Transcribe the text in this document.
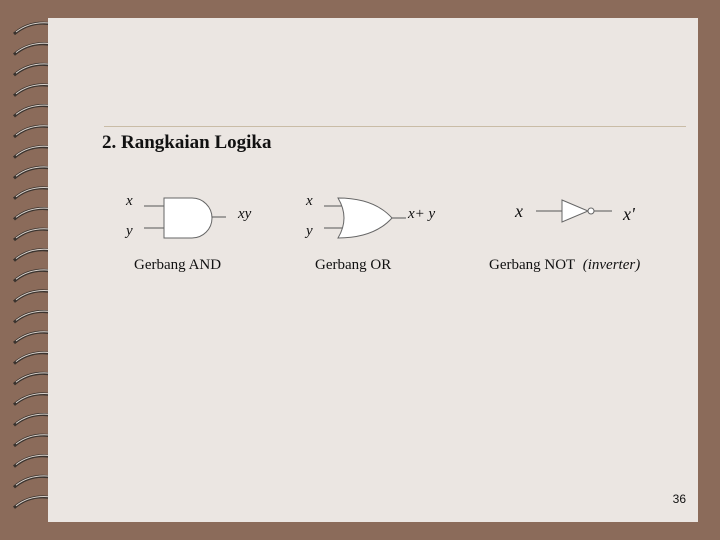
2. Rangkaian Logika
x
y
xy
Gerbang AND
x
y
x+ y
Gerbang OR
x	x'
Gerbang NOT (inverter)
36
